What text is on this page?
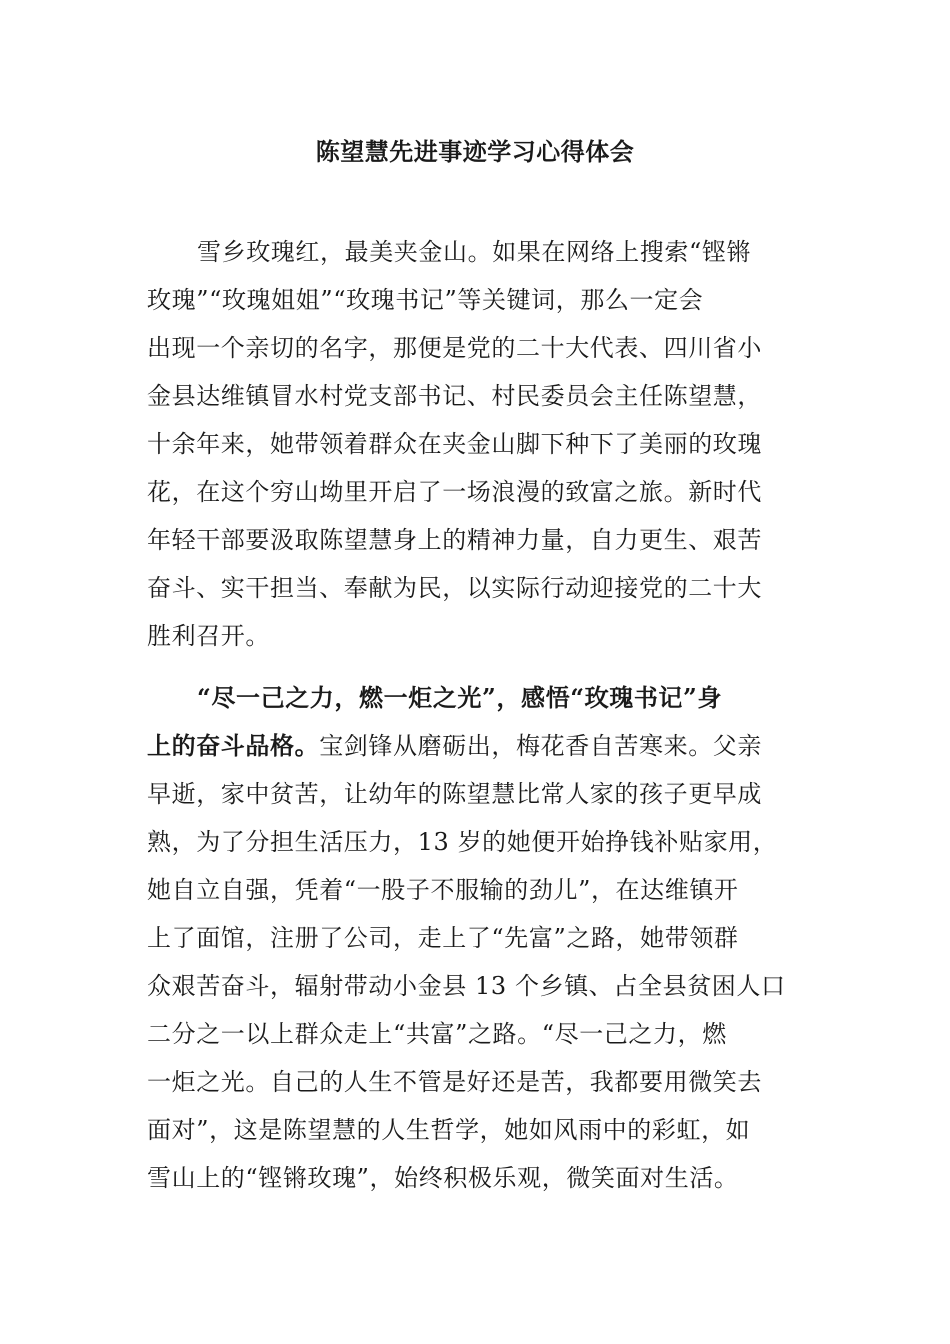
陈望慧先进事迹学习心得体会
雪乡玫瑰红，最美夹金山。如果在网络上搜索“铿锵
玫瑰”“玫瑰姐姐”“玫瑰书记”等关键词，那么一定会
出现一个亲切的名字，那便是党的二十大代表、四川省小
金县达维镇冒水村党支部书记、村民委员会主任陈望慧，
十余年来，她带领着群众在夹金山脚下种下了美丽的玫瑰
花，在这个穷山坳里开启了一场浪漫的致富之旅。新时代
年轻干部要汲取陈望慧身上的精神力量，自力更生、艰苦
奋斗、实干担当、奉献为民，以实际行动迎接党的二十大
胜利召开。
“尽一己之力，燃一炬之光”，感悟“玫瑰书记”身
上的奋斗品格。宝剑锋从磨砺出，梅花香自苦寒来。父亲
早逝，家中贫苦，让幼年的陈望慧比常人家的孩子更早成
熟，为了分担生活压力，13 岁的她便开始挣钱补贴家用，
她自立自强，凭着“一股子不服输的劲儿”，在达维镇开
上了面馆，注册了公司，走上了“先富”之路，她带领群
众艰苦奋斗，辐射带动小金县 13 个乡镇、占全县贫困人口
二分之一以上群众走上“共富”之路。“尽一己之力，燃
一炬之光。自己的人生不管是好还是苦，我都要用微笑去
面对”，这是陈望慧的人生哲学，她如风雨中的彩虹，如
雪山上的“铿锵玫瑰”，始终积极乐观，微笑面对生活。
